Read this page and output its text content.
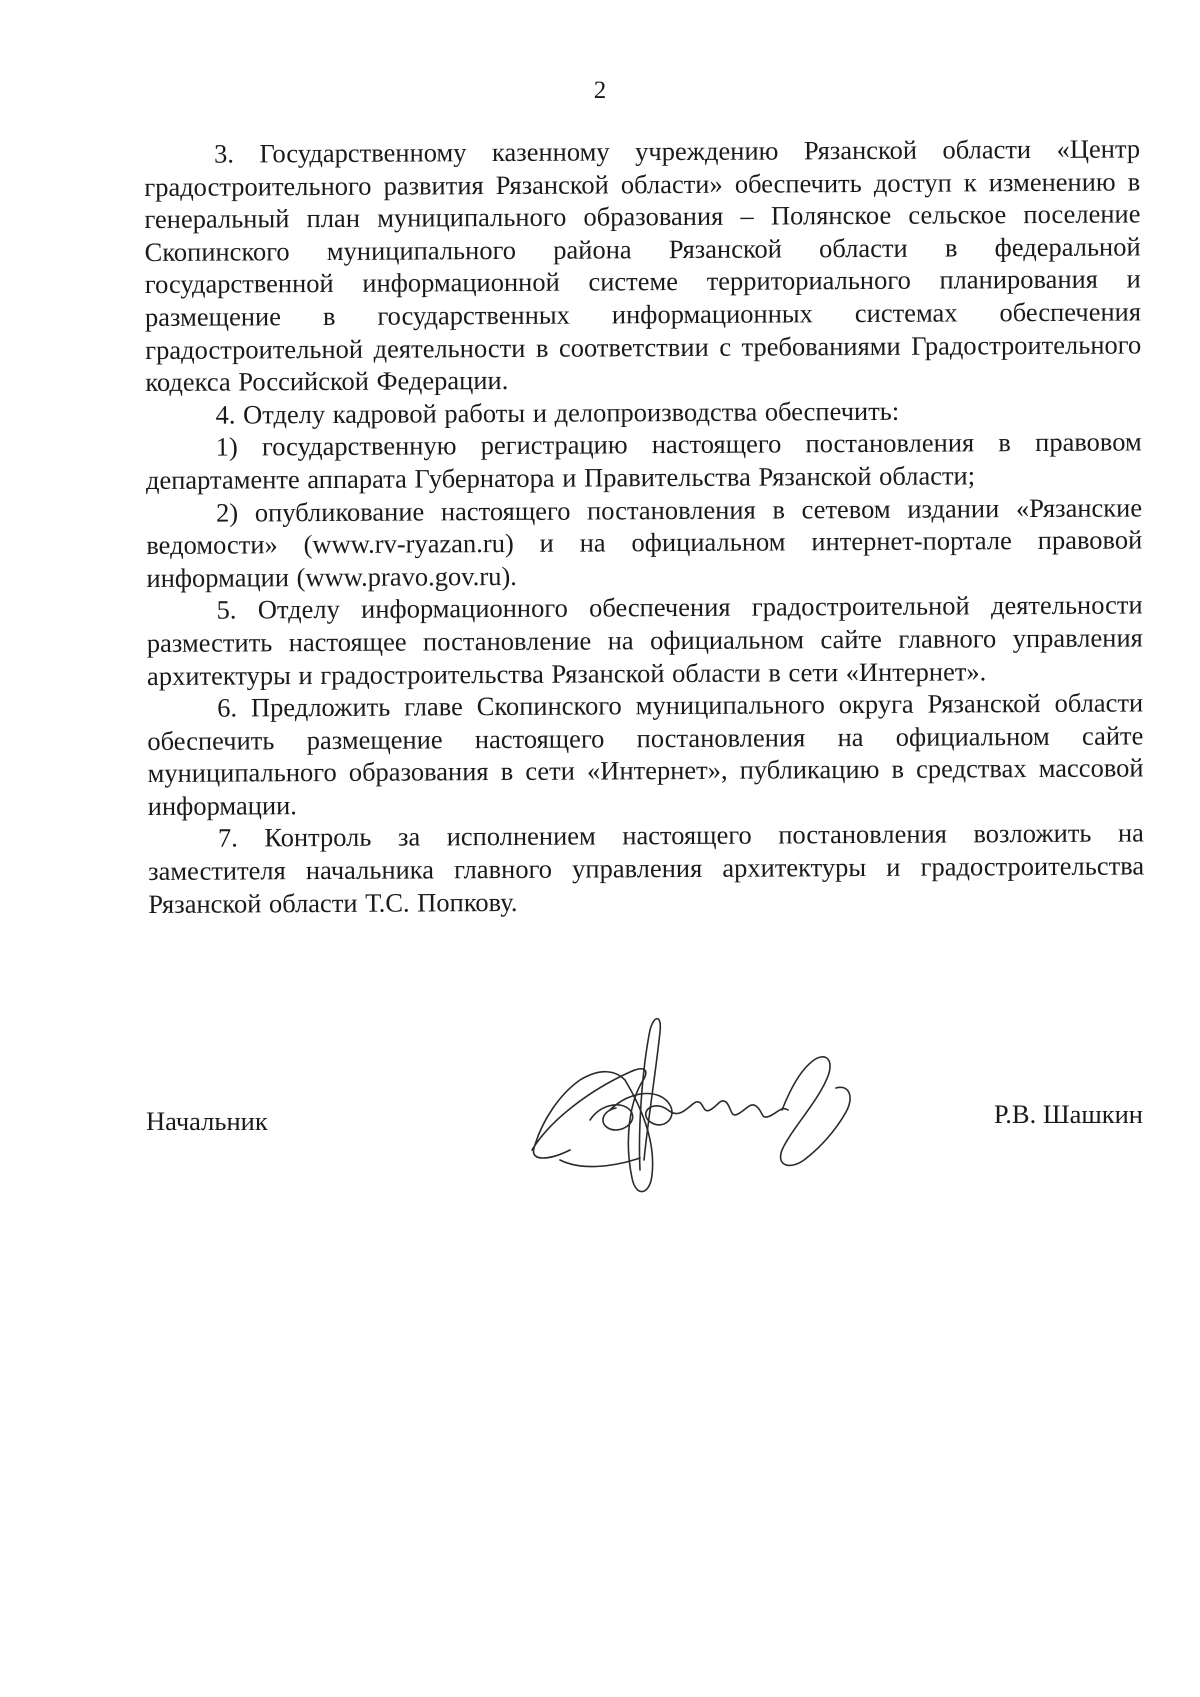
2

3. Государственному казенному учреждению Рязанской области «Центр градостроительного развития Рязанской области» обеспечить доступ к изменению в генеральный план муниципального образования – Полянское сельское поселение Скопинского муниципального района Рязанской области в федеральной государственной информационной системе территориального планирования и размещение в государственных информационных системах обеспечения градостроительной деятельности в соответствии с требованиями Градостроительного кодекса Российской Федерации.

4. Отделу кадровой работы и делопроизводства обеспечить:

1) государственную регистрацию настоящего постановления в правовом департаменте аппарата Губернатора и Правительства Рязанской области;

2) опубликование настоящего постановления в сетевом издании «Рязанские ведомости» (www.rv-ryazan.ru) и на официальном интернет-портале правовой информации (www.pravo.gov.ru).

5. Отделу информационного обеспечения градостроительной деятельности разместить настоящее постановление на официальном сайте главного управления архитектуры и градостроительства Рязанской области в сети «Интернет».

6. Предложить главе Скопинского муниципального округа Рязанской области обеспечить размещение настоящего постановления на официальном сайте муниципального образования в сети «Интернет», публикацию в средствах массовой информации.

7. Контроль за исполнением настоящего постановления возложить на заместителя начальника главного управления архитектуры и градостроительства Рязанской области Т.С. Попкову.

Начальник	Р.В. Шашкин
